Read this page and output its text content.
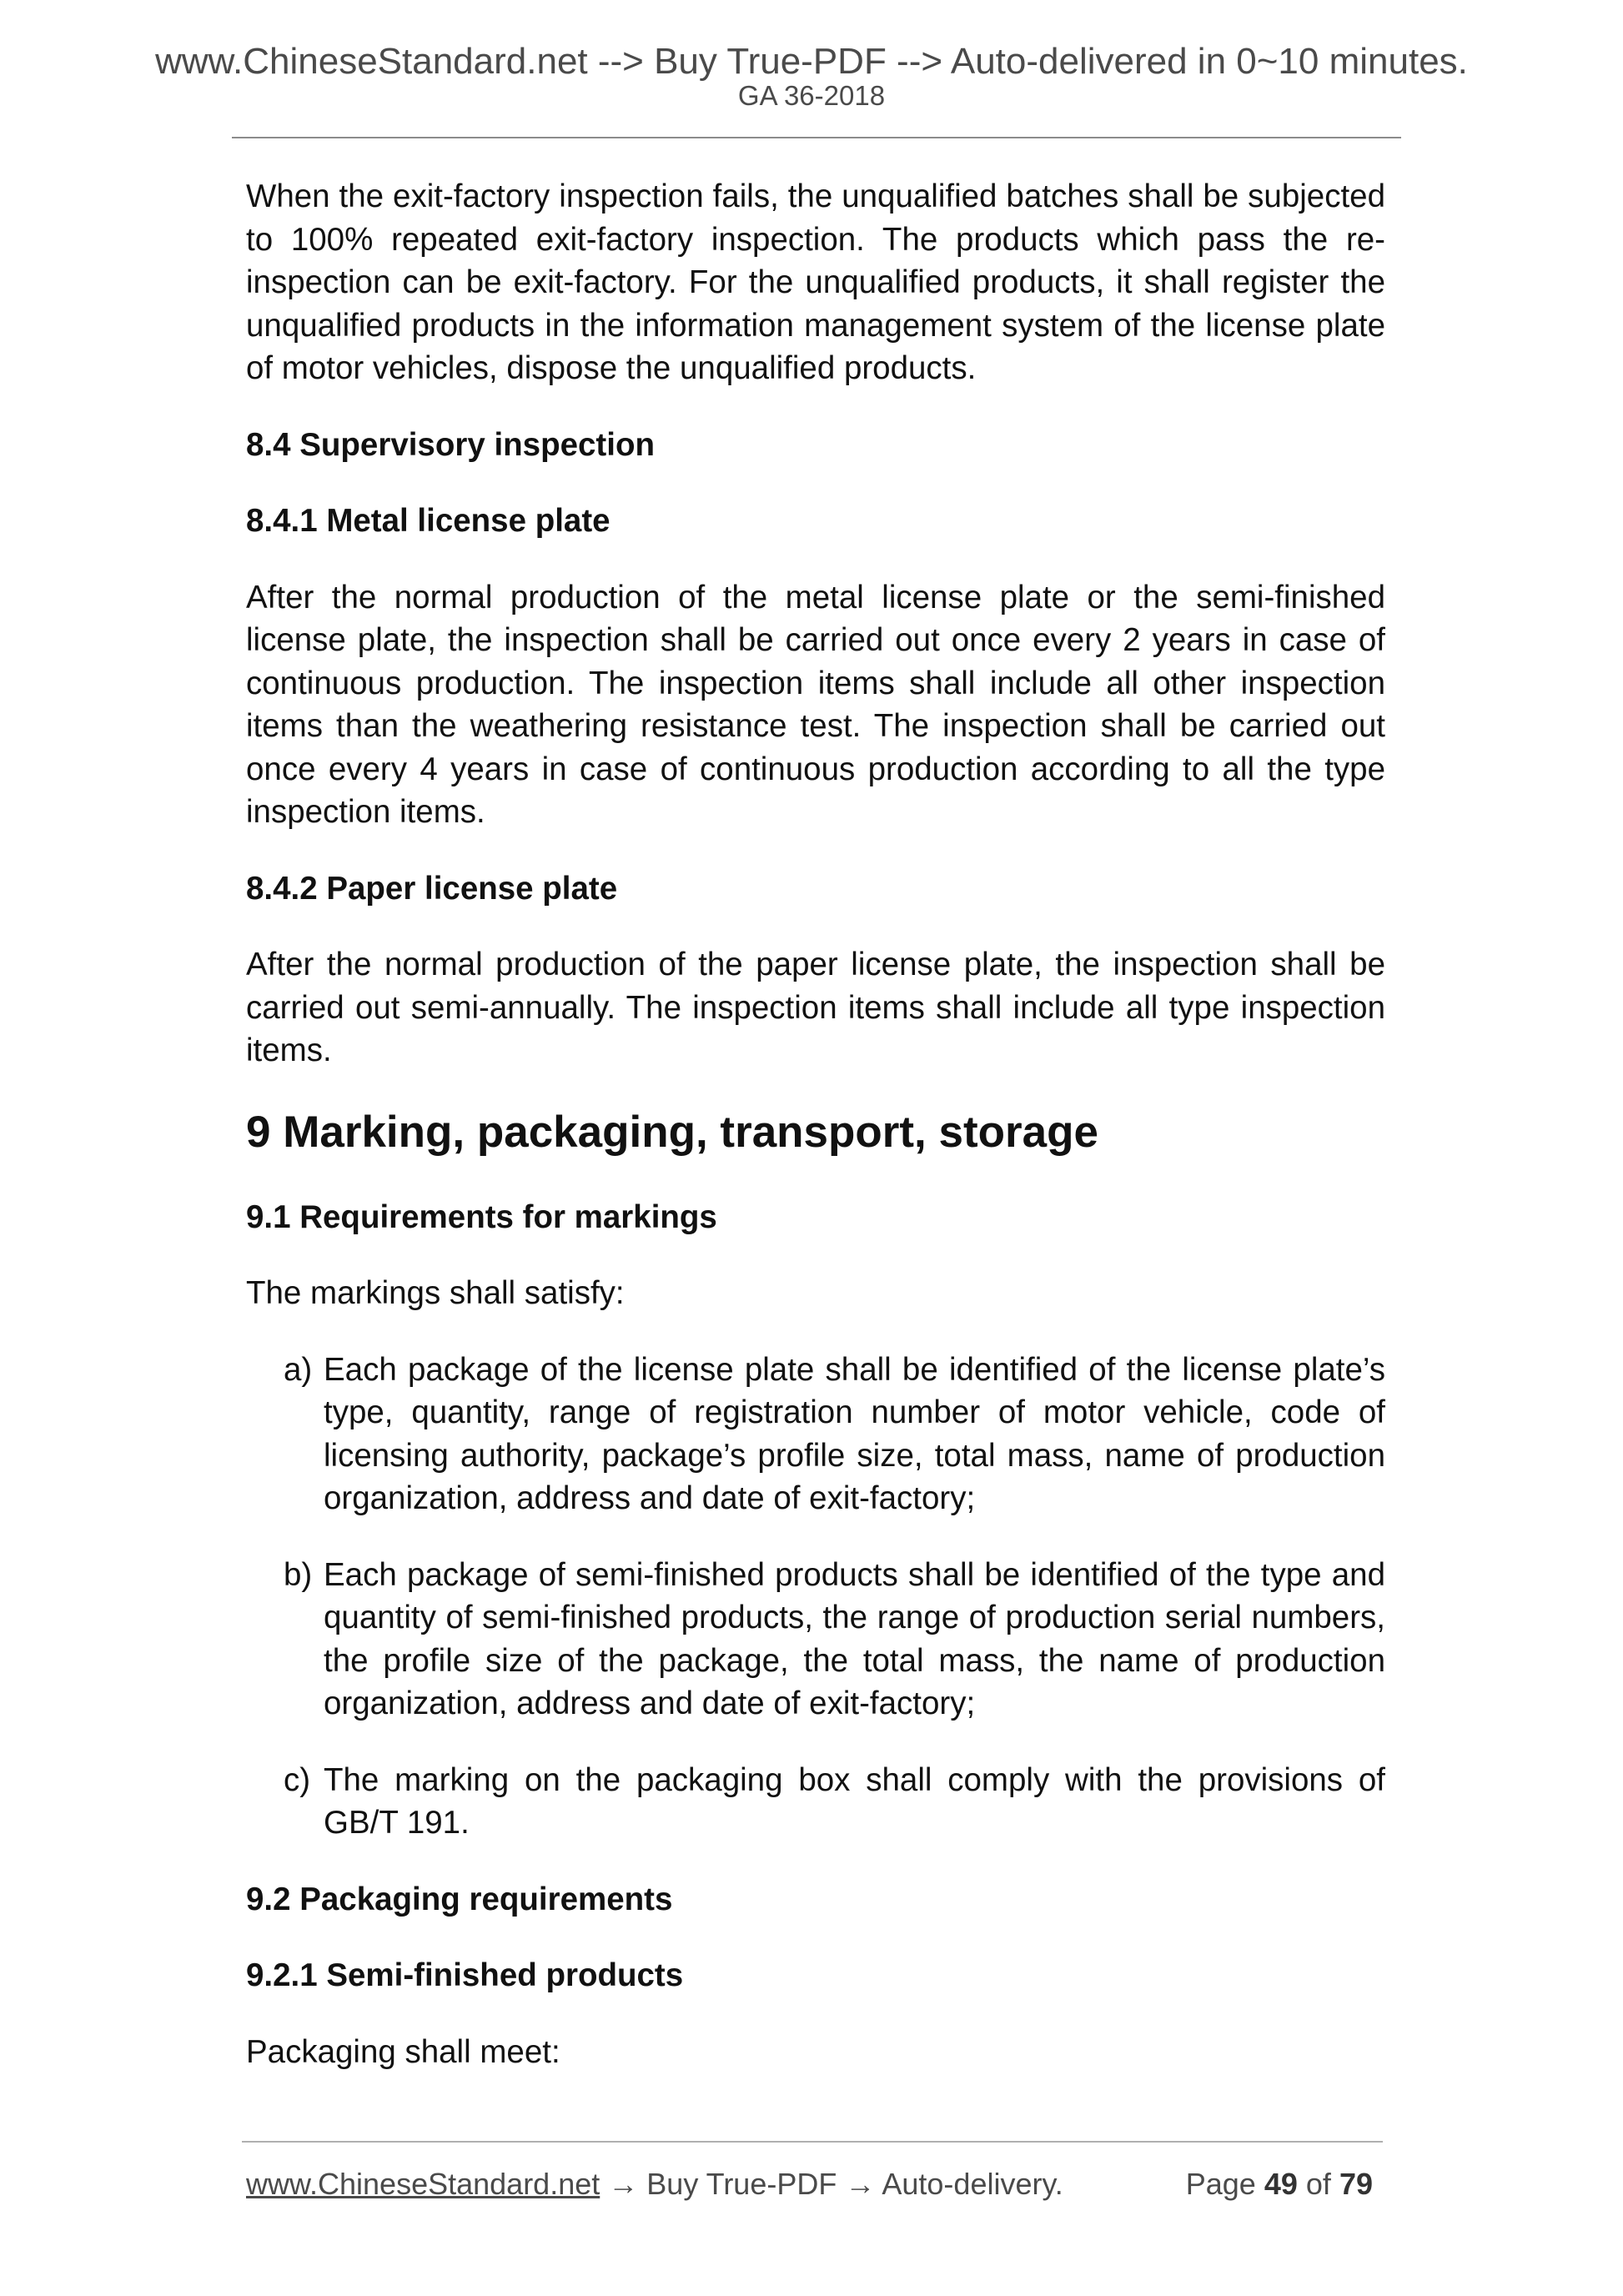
www.ChineseStandard.net --> Buy True-PDF --> Auto-delivered in 0~10 minutes.
GA 36-2018

When the exit-factory inspection fails, the unqualified batches shall be subjected to 100% repeated exit-factory inspection. The products which pass the re-inspection can be exit-factory. For the unqualified products, it shall register the unqualified products in the information management system of the license plate of motor vehicles, dispose the unqualified products.

8.4 Supervisory inspection
8.4.1 Metal license plate

After the normal production of the metal license plate or the semi-finished license plate, the inspection shall be carried out once every 2 years in case of continuous production. The inspection items shall include all other inspection items than the weathering resistance test. The inspection shall be carried out once every 4 years in case of continuous production according to all the type inspection items.

8.4.2 Paper license plate

After the normal production of the paper license plate, the inspection shall be carried out semi-annually. The inspection items shall include all type inspection items.

9 Marking, packaging, transport, storage
9.1 Requirements for markings

The markings shall satisfy:

a) Each package of the license plate shall be identified of the license plate’s type, quantity, range of registration number of motor vehicle, code of licensing authority, package’s profile size, total mass, name of production organization, address and date of exit-factory;
b) Each package of semi-finished products shall be identified of the type and quantity of semi-finished products, the range of production serial numbers, the profile size of the package, the total mass, the name of production organization, address and date of exit-factory;
c) The marking on the packaging box shall comply with the provisions of GB/T 191.
9.2 Packaging requirements
9.2.1 Semi-finished products

Packaging shall meet:

www.ChineseStandard.net → Buy True-PDF → Auto-delivery.	Page 49 of 79
